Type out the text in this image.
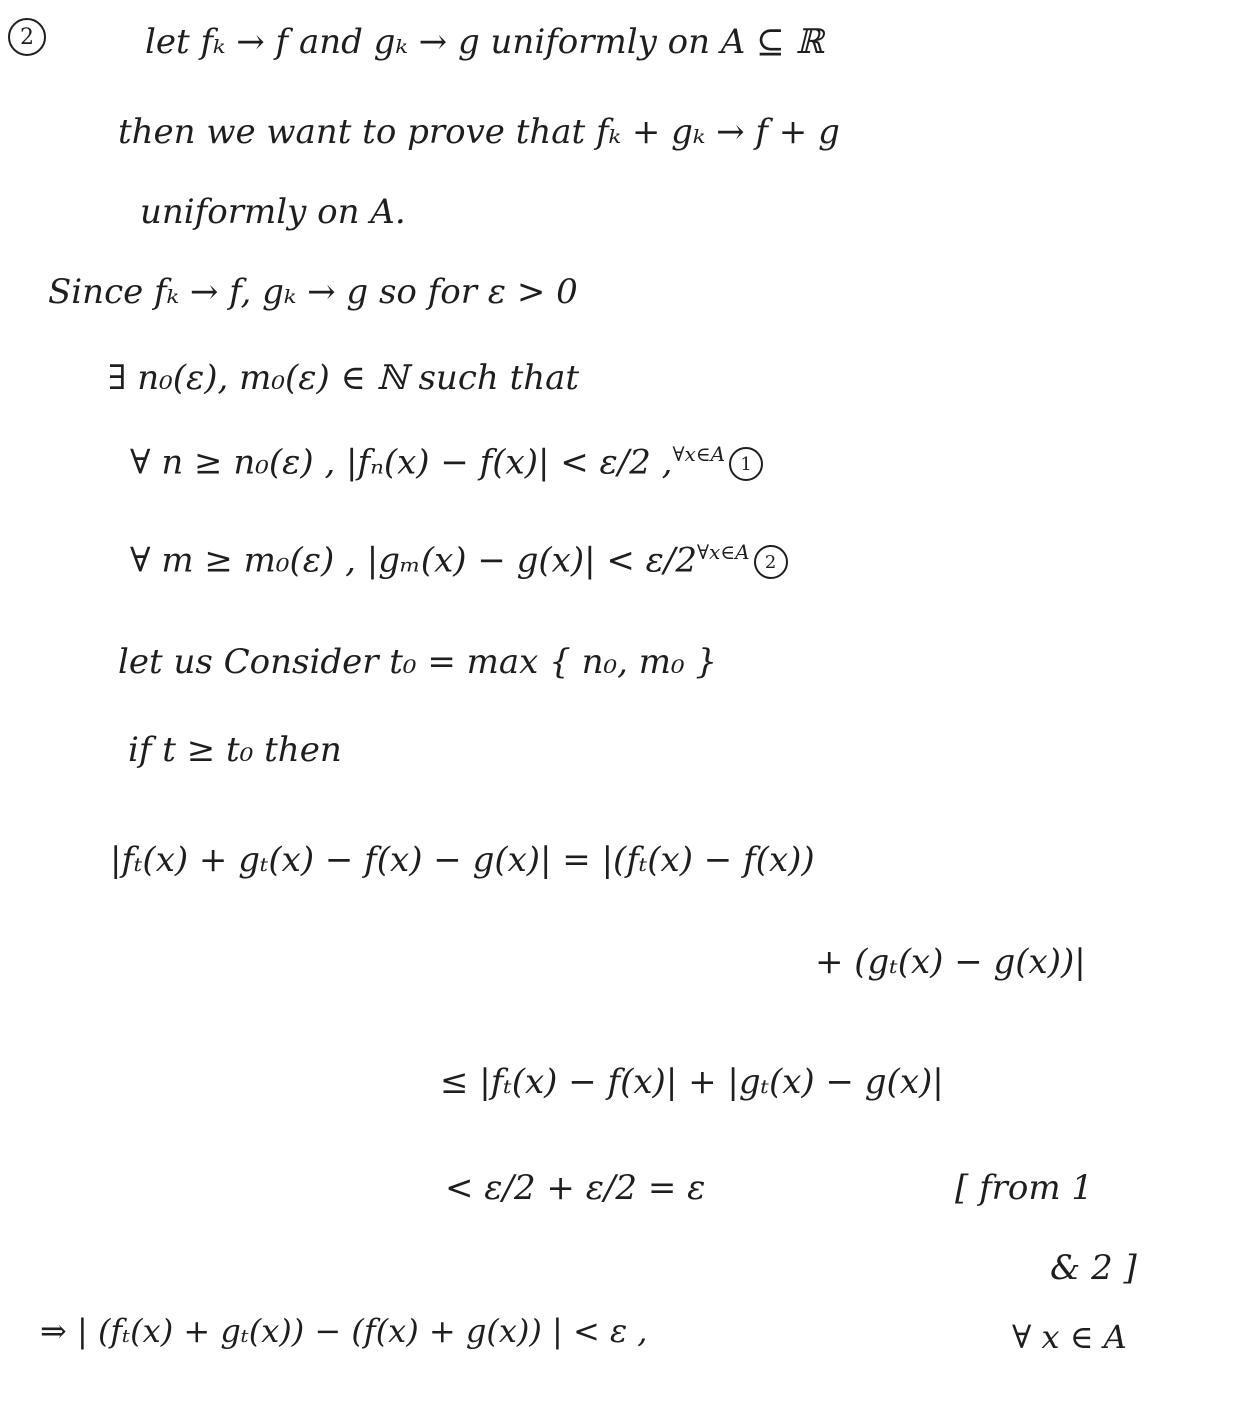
2	let fₖ → f and gₖ → g uniformly on A ⊆ ℝ
then we want to prove that fₖ + gₖ → f + g
uniformly on A.
Since fₖ → f, gₖ → g so for ε > 0
∃ n₀(ε), m₀(ε) ∈ ℕ such that
∀ n ≥ n₀(ε) , |fₙ(x) − f(x)| < ε/2 ,$^{\forall x\in A}$ 1
∀ m ≥ m₀(ε) , $|g_m(x) - g(x)| < \varepsilon/2^{\forall x\in A}$ 2
let us Consider t₀ = max { n₀, m₀ }
if t ≥ t₀ then
|fₜ(x) + gₜ(x) − f(x) − g(x)| = |(fₜ(x) − f(x))
+ (gₜ(x) − g(x))|
≤ |fₜ(x) − f(x)| + |gₜ(x) − g(x)|
< ε/2 + ε/2 = ε	[ from 1
& 2 ]
⇒ | (fₜ(x) + gₜ(x)) − (f(x) + g(x)) | < ε ,	∀ x ∈ A
